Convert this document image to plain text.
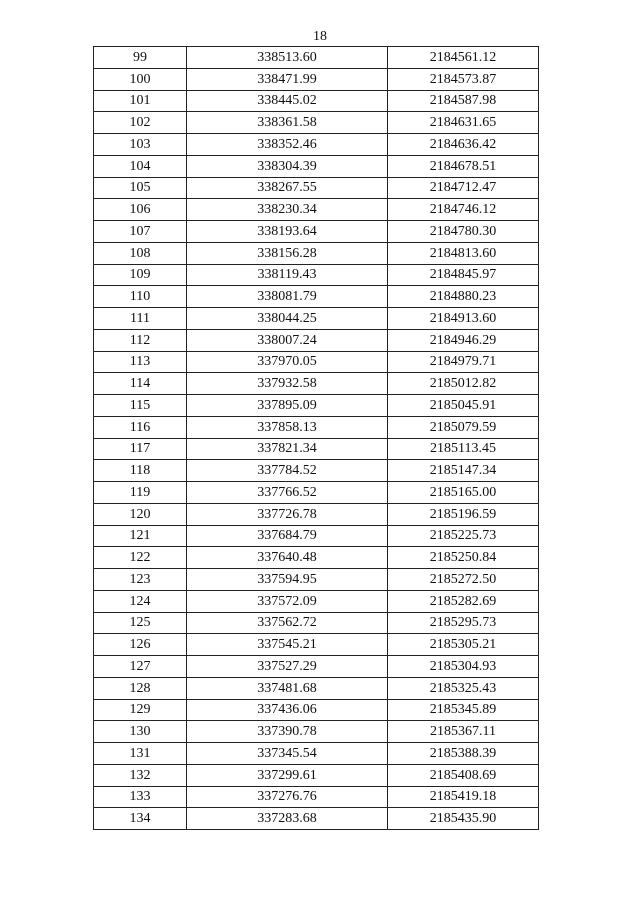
18
99	338513.60	2184561.12
100	338471.99	2184573.87
101	338445.02	2184587.98
102	338361.58	2184631.65
103	338352.46	2184636.42
104	338304.39	2184678.51
105	338267.55	2184712.47
106	338230.34	2184746.12
107	338193.64	2184780.30
108	338156.28	2184813.60
109	338119.43	2184845.97
110	338081.79	2184880.23
111	338044.25	2184913.60
112	338007.24	2184946.29
113	337970.05	2184979.71
114	337932.58	2185012.82
115	337895.09	2185045.91
116	337858.13	2185079.59
117	337821.34	2185113.45
118	337784.52	2185147.34
119	337766.52	2185165.00
120	337726.78	2185196.59
121	337684.79	2185225.73
122	337640.48	2185250.84
123	337594.95	2185272.50
124	337572.09	2185282.69
125	337562.72	2185295.73
126	337545.21	2185305.21
127	337527.29	2185304.93
128	337481.68	2185325.43
129	337436.06	2185345.89
130	337390.78	2185367.11
131	337345.54	2185388.39
132	337299.61	2185408.69
133	337276.76	2185419.18
134	337283.68	2185435.90
